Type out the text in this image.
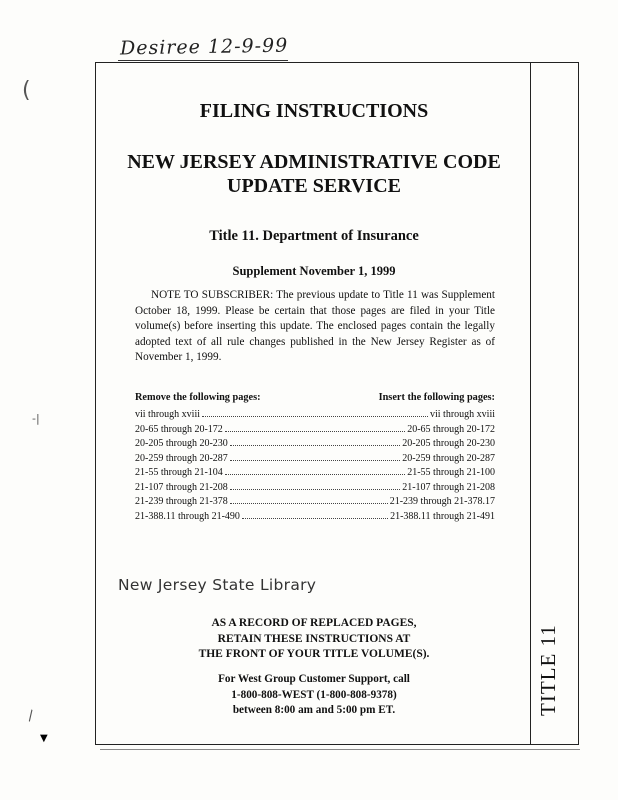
Desiree 12-9-99
TITLE 11
FILING INSTRUCTIONS
NEW JERSEY ADMINISTRATIVE CODE
UPDATE SERVICE
Title 11. Department of Insurance
Supplement November 1, 1999
NOTE TO SUBSCRIBER: The previous update to Title 11 was Supplement October 18, 1999. Please be certain that those pages are filed in your Title volume(s) before inserting this update. The enclosed pages contain the legally adopted text of all rule changes published in the New Jersey Register as of November 1, 1999.
Remove the following pages:	Insert the following pages:
vii through xviii	vii through xviii
20-65 through 20-172	20-65 through 20-172
20-205 through 20-230	20-205 through 20-230
20-259 through 20-287	20-259 through 20-287
21-55 through 21-104	21-55 through 21-100
21-107 through 21-208	21-107 through 21-208
21-239 through 21-378	21-239 through 21-378.17
21-388.11 through 21-490	21-388.11 through 21-491
New Jersey State Library
AS A RECORD OF REPLACED PAGES,
RETAIN THESE INSTRUCTIONS AT
THE FRONT OF YOUR TITLE VOLUME(S).
For West Group Customer Support, call
1-800-808-WEST (1-800-808-9378)
between 8:00 am and 5:00 pm ET.
(
-|
\
▼
